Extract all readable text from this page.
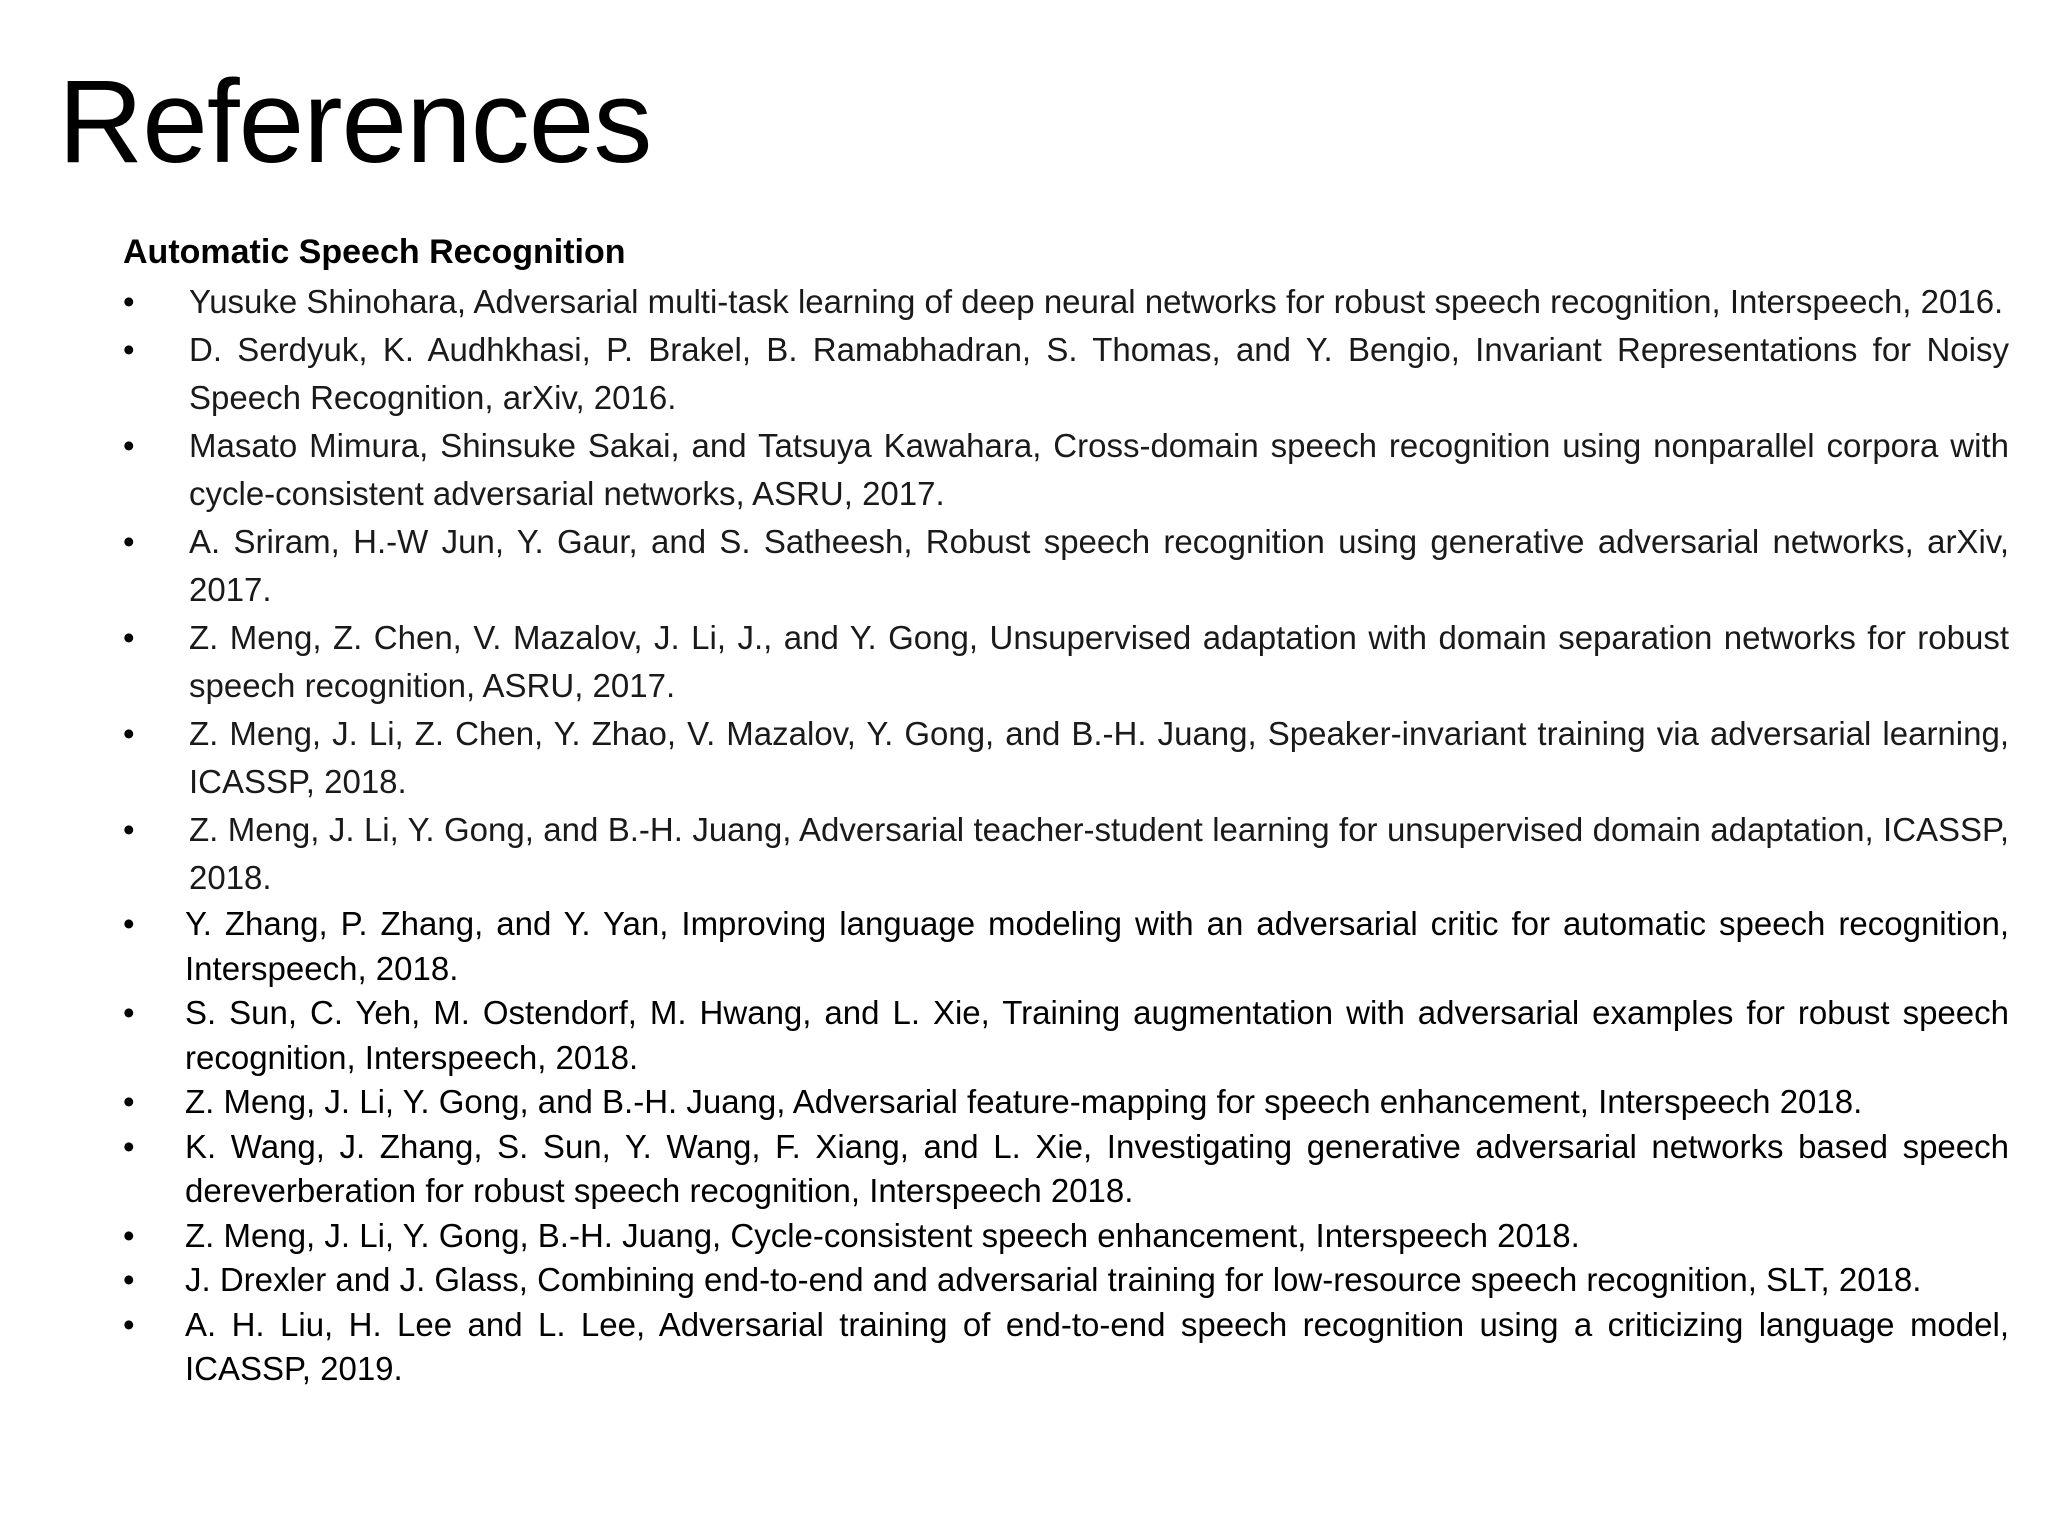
References
Automatic Speech Recognition
•	Yusuke Shinohara, Adversarial multi-task learning of deep neural networks for robust speech recognition, Interspeech, 2016.
•	D. Serdyuk, K. Audhkhasi, P. Brakel, B. Ramabhadran, S. Thomas, and Y. Bengio, Invariant Representations for Noisy Speech Recognition, arXiv, 2016.
•	Masato Mimura, Shinsuke Sakai, and Tatsuya Kawahara, Cross-domain speech recognition using nonparallel corpora with cycle-consistent adversarial networks, ASRU, 2017.
•	A. Sriram, H.-W Jun, Y. Gaur, and S. Satheesh, Robust speech recognition using generative adversarial networks, arXiv, 2017.
•	Z. Meng, Z. Chen, V. Mazalov, J. Li, J., and Y. Gong, Unsupervised adaptation with domain separation networks for robust speech recognition, ASRU, 2017.
•	Z. Meng, J. Li, Z. Chen, Y. Zhao, V. Mazalov, Y. Gong, and B.-H. Juang, Speaker-invariant training via adversarial learning, ICASSP, 2018.
•	Z. Meng, J. Li, Y. Gong, and B.-H. Juang, Adversarial teacher-student learning for unsupervised domain adaptation, ICASSP, 2018.
•	Y. Zhang, P. Zhang, and Y. Yan, Improving language modeling with an adversarial critic for automatic speech recognition, Interspeech, 2018.
•	S. Sun, C. Yeh, M. Ostendorf, M. Hwang, and L. Xie, Training augmentation with adversarial examples for robust speech recognition, Interspeech, 2018.
•	Z. Meng, J. Li, Y. Gong, and B.-H. Juang, Adversarial feature-mapping for speech enhancement, Interspeech 2018.
•	K. Wang, J. Zhang, S. Sun, Y. Wang, F. Xiang, and L. Xie, Investigating generative adversarial networks based speech dereverberation for robust speech recognition, Interspeech 2018.
•	Z. Meng, J. Li, Y. Gong, B.-H. Juang, Cycle-consistent speech enhancement, Interspeech 2018.
•	J. Drexler and J. Glass, Combining end-to-end and adversarial training for low-resource speech recognition, SLT, 2018.
•	A. H. Liu, H. Lee and L. Lee, Adversarial training of end-to-end speech recognition using a criticizing language model, ICASSP, 2019.
